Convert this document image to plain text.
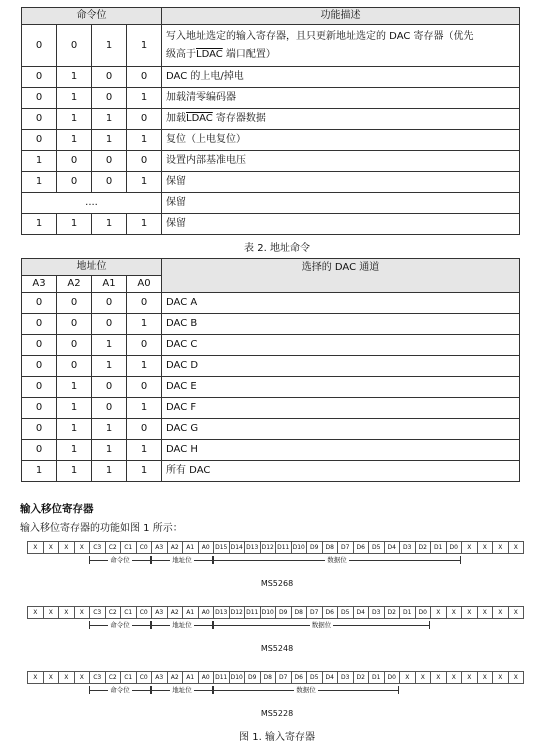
命令位				功能描述
0	0	1	1	写入地址选定的输入寄存器，且只更新地址选定的 DAC 寄存器（优先
级高于LDAC 端口配置）
0	1	0	0	DAC 的上电/掉电
0	1	0	1	加载清零编码器
0	1	1	0	加载LDAC 寄存器数据
0	1	1	1	复位（上电复位）
1	0	0	0	设置内部基准电压
1	0	0	1	保留
....				保留
1	1	1	1	保留
表 2. 地址命令
地址位				选择的 DAC 通道
A3	A2	A1	A0	
0	0	0	0	DAC A
0	0	0	1	DAC B
0	0	1	0	DAC C
0	0	1	1	DAC D
0	1	0	0	DAC E
0	1	0	1	DAC F
0	1	1	0	DAC G
0	1	1	1	DAC H
1	1	1	1	所有 DAC
输入移位寄存器
输入移位寄存器的功能如图 1 所示：
X	X	X	X	C3	C2	C1	C0	A3	A2	A1	A0	D15	D14	D13	D12	D11	D10	D9	D8	D7	D6	D5	D4	D3	D2	D1	D0	X	X	X	X
命令位	地址位	数据位
MS5268
X	X	X	X	C3	C2	C1	C0	A3	A2	A1	A0	D13	D12	D11	D10	D9	D8	D7	D6	D5	D4	D3	D2	D1	D0	X	X	X	X	X	X
命令位	地址位	数据位
MS5248
X	X	X	X	C3	C2	C1	C0	A3	A2	A1	A0	D11	D10	D9	D8	D7	D6	D5	D4	D3	D2	D1	D0	X	X	X	X	X	X	X	X
命令位	地址位	数据位
MS5228
图 1. 输入寄存器
